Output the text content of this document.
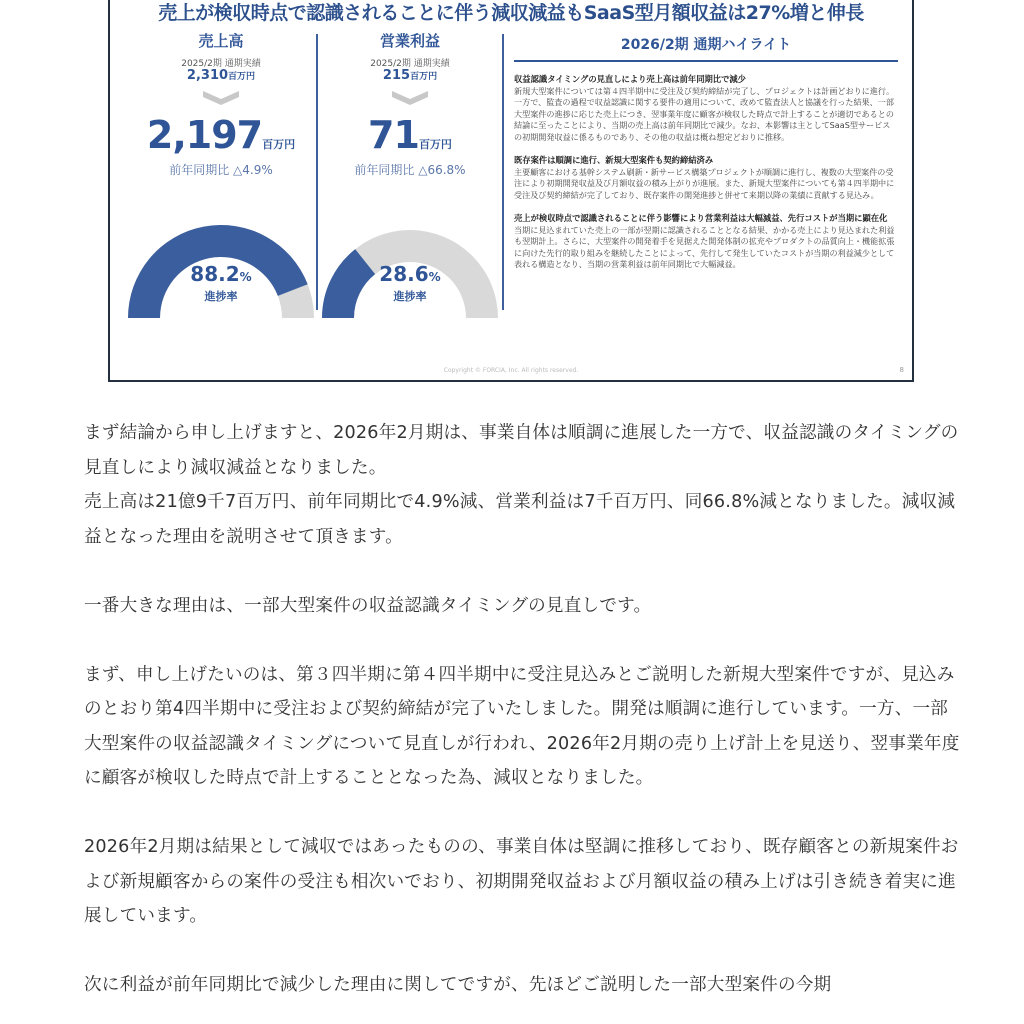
売上が検収時点で認識されることに伴う減収減益もSaaS型月額収益は27%増と伸長
売上高
2025/2期 通期実績
2,310百万円
2,197百万円
前年同期比 △4.9%
88.2%
進捗率
営業利益
2025/2期 通期実績
215百万円
71百万円
前年同期比 △66.8%
28.6%
進捗率
2026/2期 通期ハイライト
収益認識タイミングの見直しにより売上高は前年同期比で減少
新規大型案件については第４四半期中に受注及び契約締結が完了し、プロジェクトは計画どおりに進行。一方で、監査の過程で収益認識に関する要件の適用について、改めて監査法人と協議を行った結果、一部大型案件の進捗に応じた売上につき、翌事業年度に顧客が検収した時点で計上することが適切であるとの結論に至ったことにより、当期の売上高は前年同期比で減少。なお、本影響は主としてSaaS型サービスの初期開発収益に係るものであり、その他の収益は概ね想定どおりに推移。
既存案件は順調に進行、新規大型案件も契約締結済み
主要顧客における基幹システム刷新・新サービス構築プロジェクトが順調に進行し、複数の大型案件の受注により初期開発収益及び月額収益の積み上がりが進展。また、新規大型案件についても第４四半期中に受注及び契約締結が完了しており、既存案件の開発進捗と併せて来期以降の業績に貢献する見込み。
売上が検収時点で認識されることに伴う影響により営業利益は大幅減益、先行コストが当期に顕在化
当期に見込まれていた売上の一部が翌期に認識されることとなる結果、かかる売上により見込まれた利益も翌期計上。さらに、大型案件の開発着手を見据えた開発体制の拡充やプロダクトの品質向上・機能拡張に向けた先行的取り組みを継続したことによって、先行して発生していたコストが当期の利益減少として表れる構造となり、当期の営業利益は前年同期比で大幅減益。
Copyright © FORCIA, Inc. All rights reserved.	8

まず結論から申し上げますと、2026年2月期は、事業自体は順調に進展した一方で、収益認識のタイミングの見直しにより減収減益となりました。

売上高は21億9千7百万円、前年同期比で4.9%減、営業利益は7千百万円、同66.8%減となりました。減収減益となった理由を説明させて頂きます。

一番大きな理由は、一部大型案件の収益認識タイミングの見直しです。

まず、申し上げたいのは、第３四半期に第４四半期中に受注見込みとご説明した新規大型案件ですが、見込みのとおり第4四半期中に受注および契約締結が完了いたしました。開発は順調に進行しています。一方、一部大型案件の収益認識タイミングについて見直しが行われ、2026年2月期の売り上げ計上を見送り、翌事業年度に顧客が検収した時点で計上することとなった為、減収となりました。

2026年2月期は結果として減収ではあったものの、事業自体は堅調に推移しており、既存顧客との新規案件および新規顧客からの案件の受注も相次いでおり、初期開発収益および月額収益の積み上げは引き続き着実に進展しています。

次に利益が前年同期比で減少した理由に関してですが、先ほどご説明した一部大型案件の今期
